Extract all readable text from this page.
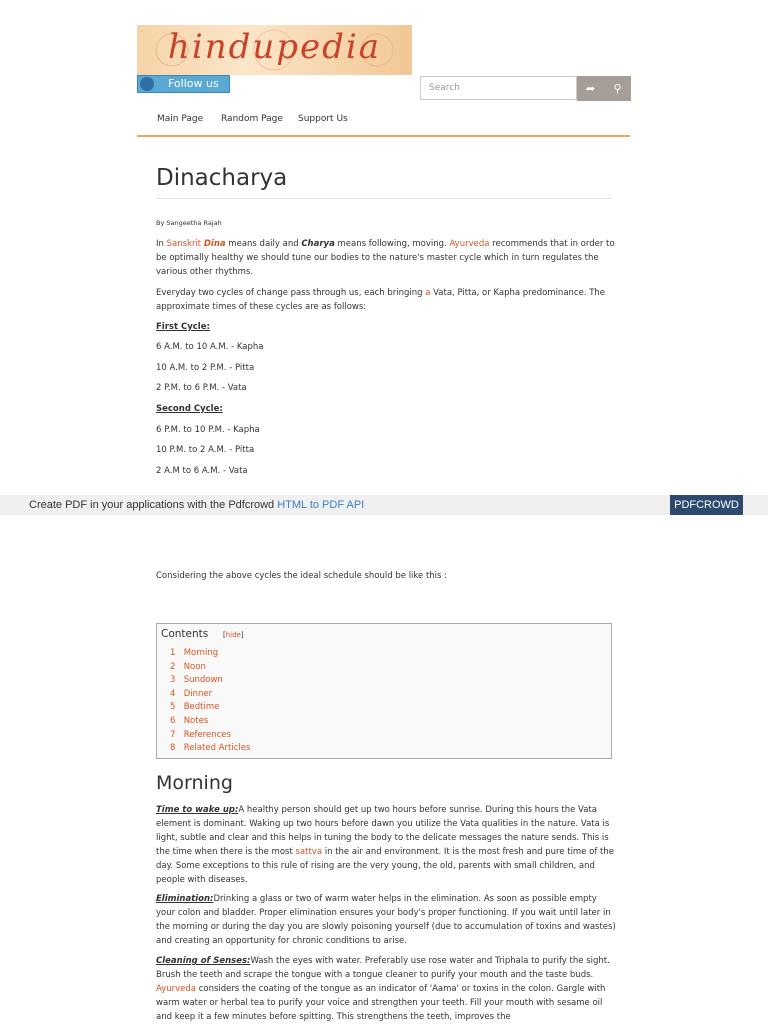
hindupedia
Follow us	Search	➦	⚲
Main Page Random Page Support Us
Dinacharya
By Sangeetha Rajah
In Sanskrit Dina means daily and Charya means following, moving. Ayurveda recommends that in order to be optimally healthy we should tune our bodies to the nature's master cycle which in turn regulates the various other rhythms.
Everyday two cycles of change pass through us, each bringing a Vata, Pitta, or Kapha predominance. The approximate times of these cycles are as follows:
First Cycle:
6 A.M. to 10 A.M. - Kapha
10 A.M. to 2 P.M. - Pitta
2 P.M. to 6 P.M. - Vata
Second Cycle:
6 P.M. to 10 P.M. - Kapha
10 P.M. to 2 A.M. - Pitta
2 A.M to 6 A.M. - Vata
Create PDF in your applications with the Pdfcrowd HTML to PDF API	PDFCROWD
Considering the above cycles the ideal schedule should be like this :
Contents [hide]
1 Morning
2 Noon
3 Sundown
4 Dinner
5 Bedtime
6 Notes
7 References
8 Related Articles
Morning
Time to wake up:A healthy person should get up two hours before sunrise. During this hours the Vata element is dominant. Waking up two hours before dawn you utilize the Vata qualities in the nature. Vata is light, subtle and clear and this helps in tuning the body to the delicate messages the nature sends. This is the time when there is the most sattva in the air and environment. It is the most fresh and pure time of the day. Some exceptions to this rule of rising are the very young, the old, parents with small children, and people with diseases.
Elimination:Drinking a glass or two of warm water helps in the elimination. As soon as possible empty your colon and bladder. Proper elimination ensures your body's proper functioning. If you wait until later in the morning or during the day you are slowly poisoning yourself (due to accumulation of toxins and wastes) and creating an opportunity for chronic conditions to arise.
Cleaning of Senses:Wash the eyes with water. Preferably use rose water and Triphala to purify the sight. Brush the teeth and scrape the tongue with a tongue cleaner to purify your mouth and the taste buds. Ayurveda considers the coating of the tongue as an indicator of 'Aama' or toxins in the colon. Gargle with warm water or herbal tea to purify your voice and strengthen your teeth. Fill your mouth with sesame oil and keep it a few minutes before spitting. This strengthens the teeth, improves the
